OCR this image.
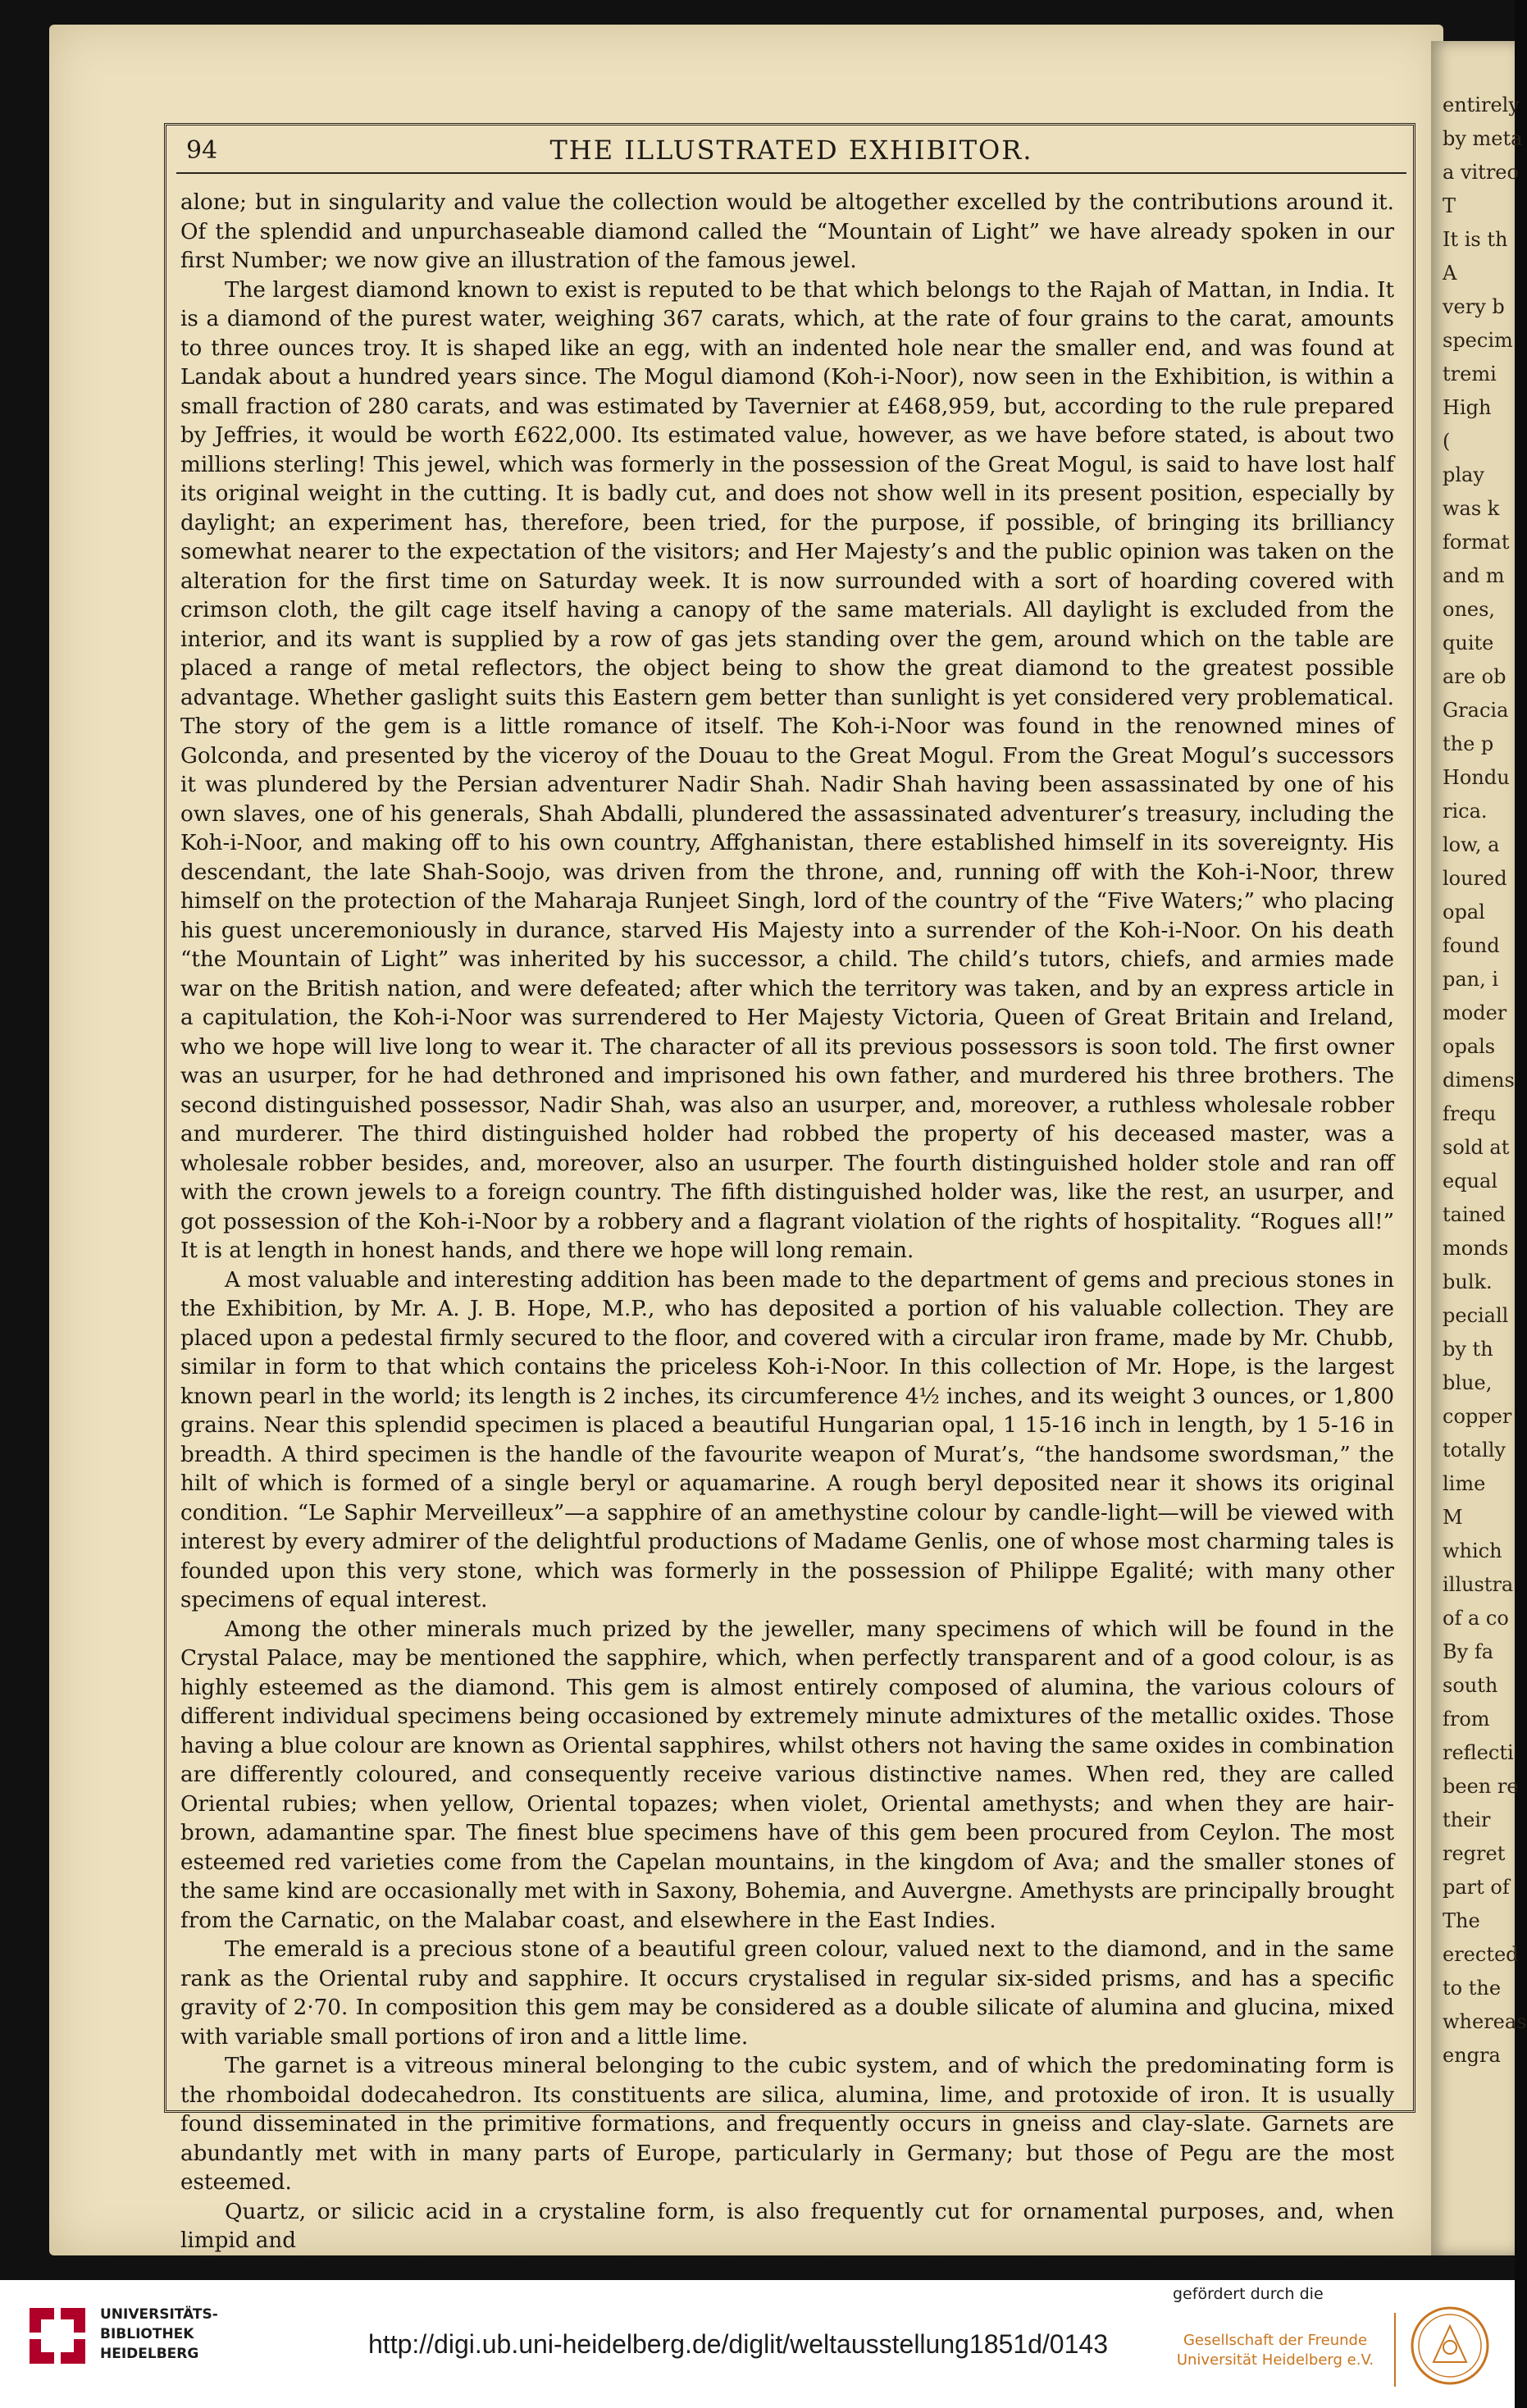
entirely
by meta
a vitreo
T
It is th
A
very b
specim
tremi
High
(
play
was k
format
and m
ones,
quite
are ob
Gracia
the p
Hondu
rica.
low, a
loured
opal
found
pan, i
moder
opals
dimens
frequ
sold at
equal
tained
monds
bulk.
peciall
by th
blue,
copper
totally
lime
M
which
illustra
of a co
By fa
south
from
reflecti
been re
their
regret
part of
The
erected
to the
whereas
engra
94	THE ILLUSTRATED EXHIBITOR.

alone; but in singularity and value the collection would be altogether excelled by the contributions around it. Of the splendid and unpurchaseable diamond called the “Mountain of Light” we have already spoken in our first Number; we now give an illustration of the famous jewel.

The largest diamond known to exist is reputed to be that which belongs to the Rajah of Mattan, in India. It is a diamond of the purest water, weighing 367 carats, which, at the rate of four grains to the carat, amounts to three ounces troy. It is shaped like an egg, with an indented hole near the smaller end, and was found at Landak about a hundred years since. The Mogul diamond (Koh-i-Noor), now seen in the Exhibition, is within a small fraction of 280 carats, and was estimated by Tavernier at £468,959, but, according to the rule prepared by Jeffries, it would be worth £622,000. Its estimated value, however, as we have before stated, is about two millions sterling! This jewel, which was formerly in the possession of the Great Mogul, is said to have lost half its original weight in the cutting. It is badly cut, and does not show well in its present position, especially by daylight; an experiment has, therefore, been tried, for the purpose, if possible, of bringing its brilliancy somewhat nearer to the expectation of the visitors; and Her Majesty’s and the public opinion was taken on the alteration for the first time on Saturday week. It is now surrounded with a sort of hoarding covered with crimson cloth, the gilt cage itself having a canopy of the same materials. All daylight is excluded from the interior, and its want is supplied by a row of gas jets standing over the gem, around which on the table are placed a range of metal reflectors, the object being to show the great diamond to the greatest possible advantage. Whether gaslight suits this Eastern gem better than sunlight is yet considered very problematical. The story of the gem is a little romance of itself. The Koh-i-Noor was found in the renowned mines of Golconda, and presented by the viceroy of the Douau to the Great Mogul. From the Great Mogul’s successors it was plundered by the Persian adventurer Nadir Shah. Nadir Shah having been assassinated by one of his own slaves, one of his generals, Shah Abdalli, plundered the assassinated adventurer’s treasury, including the Koh-i-Noor, and making off to his own country, Affghanistan, there established himself in its sovereignty. His descendant, the late Shah-Soojo, was driven from the throne, and, running off with the Koh-i-Noor, threw himself on the protection of the Maharaja Runjeet Singh, lord of the country of the “Five Waters;” who placing his guest unceremoniously in durance, starved His Majesty into a surrender of the Koh-i-Noor. On his death “the Mountain of Light” was inherited by his successor, a child. The child’s tutors, chiefs, and armies made war on the British nation, and were defeated; after which the territory was taken, and by an express article in a capitulation, the Koh-i-Noor was surrendered to Her Majesty Victoria, Queen of Great Britain and Ireland, who we hope will live long to wear it. The character of all its previous possessors is soon told. The first owner was an usurper, for he had dethroned and imprisoned his own father, and murdered his three brothers. The second distinguished possessor, Nadir Shah, was also an usurper, and, moreover, a ruthless wholesale robber and murderer. The third distinguished holder had robbed the property of his deceased master, was a wholesale robber besides, and, moreover, also an usurper. The fourth distinguished holder stole and ran off with the crown jewels to a foreign country. The fifth distinguished holder was, like the rest, an usurper, and got possession of the Koh-i-Noor by a robbery and a flagrant violation of the rights of hospitality. “Rogues all!” It is at length in honest hands, and there we hope will long remain.

A most valuable and interesting addition has been made to the department of gems and precious stones in the Exhibition, by Mr. A. J. B. Hope, M.P., who has deposited a portion of his valuable collection. They are placed upon a pedestal firmly secured to the floor, and covered with a circular iron frame, made by Mr. Chubb, similar in form to that which contains the priceless Koh-i-Noor. In this collection of Mr. Hope, is the largest known pearl in the world; its length is 2 inches, its circumference 4½ inches, and its weight 3 ounces, or 1,800 grains. Near this splendid specimen is placed a beautiful Hungarian opal, 1 15-16 inch in length, by 1 5-16 in breadth. A third specimen is the handle of the favourite weapon of Murat’s, “the handsome swordsman,” the hilt of which is formed of a single beryl or aquamarine. A rough beryl deposited near it shows its original condition. “Le Saphir Merveilleux”—a sapphire of an amethystine colour by candle-light—will be viewed with interest by every admirer of the delightful productions of Madame Genlis, one of whose most charming tales is founded upon this very stone, which was formerly in the possession of Philippe Egalité; with many other specimens of equal interest.

Among the other minerals much prized by the jeweller, many specimens of which will be found in the Crystal Palace, may be mentioned the sapphire, which, when perfectly transparent and of a good colour, is as highly esteemed as the diamond. This gem is almost entirely composed of alumina, the various colours of different individual specimens being occasioned by extremely minute admixtures of the metallic oxides. Those having a blue colour are known as Oriental sapphires, whilst others not having the same oxides in combination are differently coloured, and consequently receive various distinctive names. When red, they are called Oriental rubies; when yellow, Oriental topazes; when violet, Oriental amethysts; and when they are hair-brown, adamantine spar. The finest blue specimens have of this gem been procured from Ceylon. The most esteemed red varieties come from the Capelan mountains, in the kingdom of Ava; and the smaller stones of the same kind are occasionally met with in Saxony, Bohemia, and Auvergne. Amethysts are principally brought from the Carnatic, on the Malabar coast, and elsewhere in the East Indies.

The emerald is a precious stone of a beautiful green colour, valued next to the diamond, and in the same rank as the Oriental ruby and sapphire. It occurs crystalised in regular six-sided prisms, and has a specific gravity of 2·70. In composition this gem may be considered as a double silicate of alumina and glucina, mixed with variable small portions of iron and a little lime.

The garnet is a vitreous mineral belonging to the cubic system, and of which the predominating form is the rhomboidal dodecahedron. Its constituents are silica, alumina, lime, and protoxide of iron. It is usually found disseminated in the primitive formations, and frequently occurs in gneiss and clay-slate. Garnets are abundantly met with in many parts of Europe, particularly in Germany; but those of Pegu are the most esteemed.

Quartz, or silicic acid in a crystaline form, is also frequently cut for ornamental purposes, and, when limpid and

UNIVERSITÄTS-
BIBLIOTHEK
HEIDELBERG	http://digi.ub.uni-heidelberg.de/diglit/weltausstellung1851d/0143
gefördert durch die
Gesellschaft der Freunde
Universität Heidelberg e.V.
